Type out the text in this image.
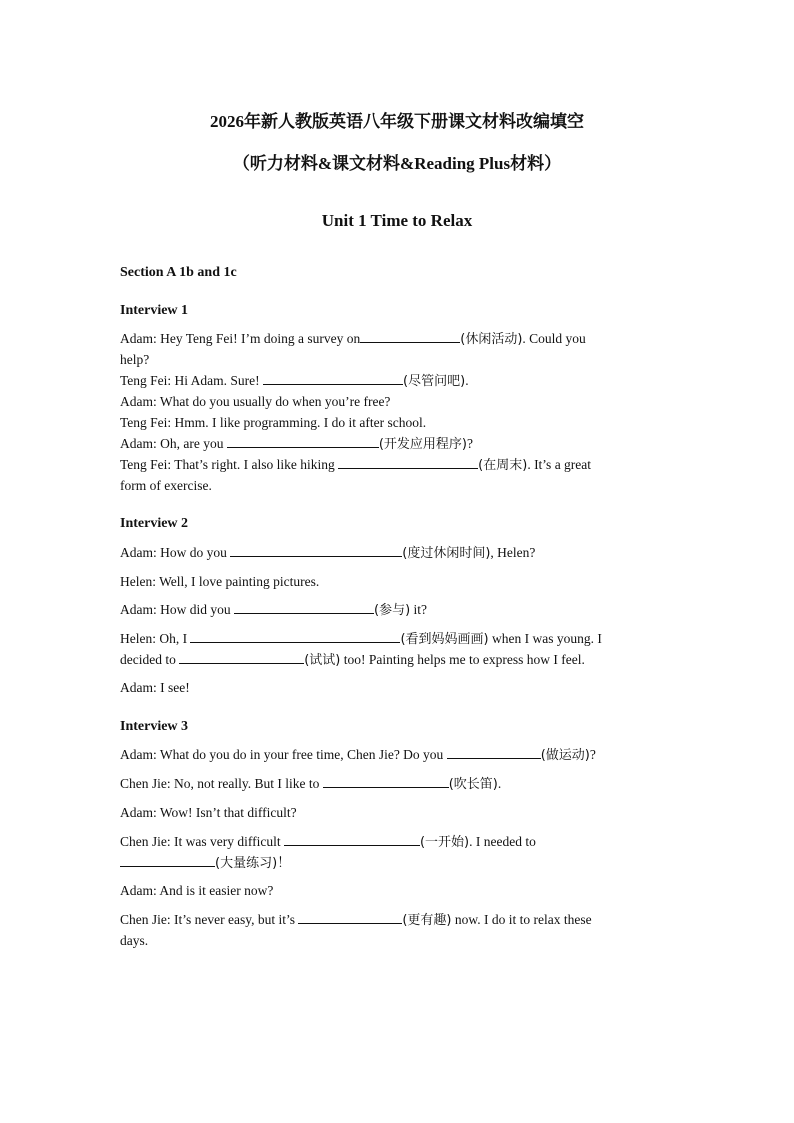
2026年新人教版英语八年级下册课文材料改编填空
（听力材料&课文材料&Reading Plus材料）
Unit 1 Time to Relax
Section A 1b and 1c
Interview 1
Adam: Hey Teng Fei! I’m doing a survey on	(休闲活动). Could you
help?
Teng Fei: Hi Adam. Sure!	(尽管问吧).
Adam: What do you usually do when you’re free?
Teng Fei: Hmm. I like programming. I do it after school.
Adam: Oh, are you	(开发应用程序)?
Teng Fei: That’s right. I also like hiking	(在周末). It’s a great
form of exercise.
Interview 2
Adam: How do you	(度过休闲时间), Helen?
Helen: Well, I love painting pictures.
Adam: How did you	(参与) it?
Helen: Oh, I	(看到妈妈画画) when I was young. I
decided to	(试试) too! Painting helps me to express how I feel.
Adam: I see!
Interview 3
Adam: What do you do in your free time, Chen Jie? Do you	(做运动)?
Chen Jie: No, not really. But I like to	(吹长笛).
Adam: Wow! Isn’t that difficult?
Chen Jie: It was very difficult	(一开始). I needed to
(大量练习)！
Adam: And is it easier now?
Chen Jie: It’s never easy, but it’s	(更有趣) now. I do it to relax these
days.
